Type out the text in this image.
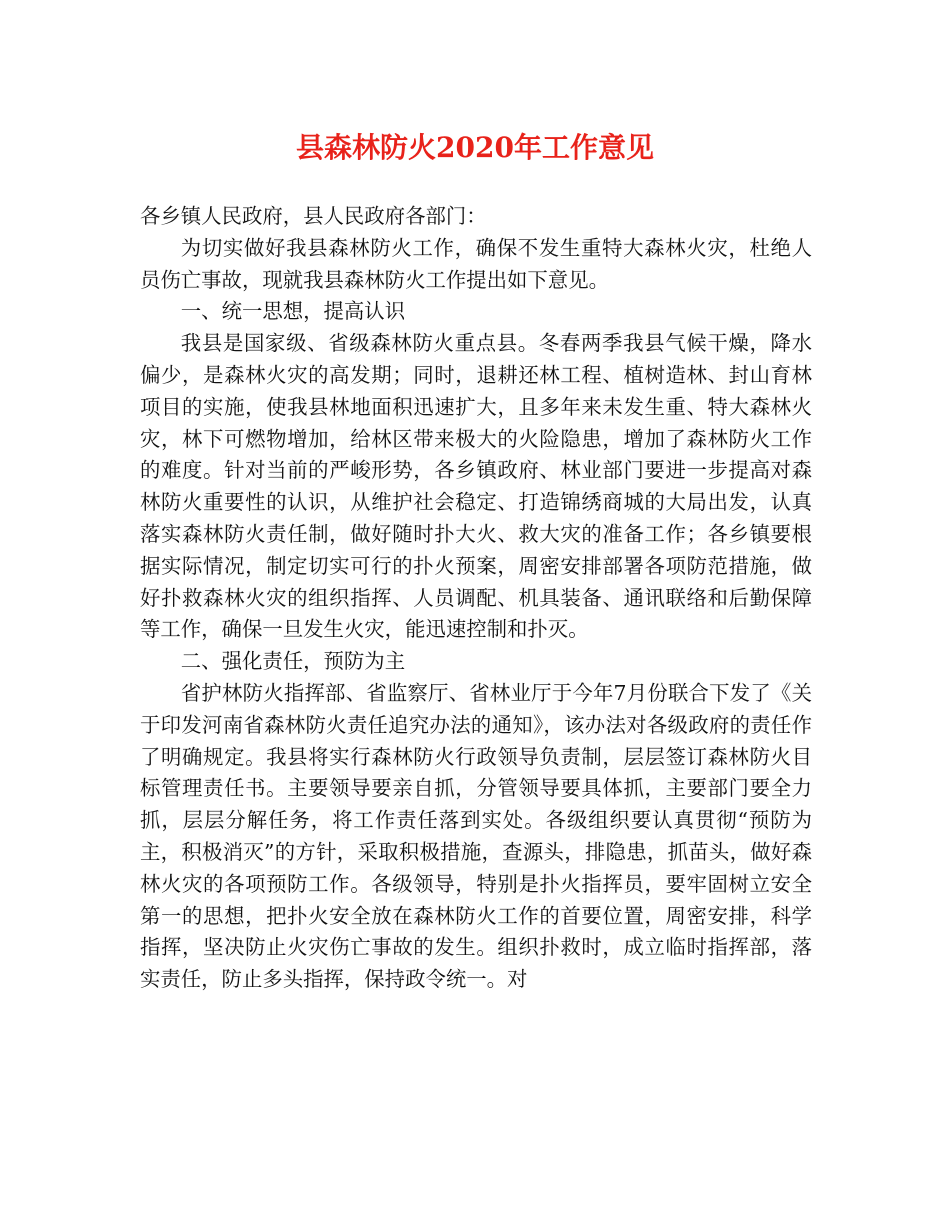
县森林防火2020年工作意见

各乡镇人民政府，县人民政府各部门：

为切实做好我县森林防火工作，确保不发生重特大森林火灾，杜绝人员伤亡事故，现就我县森林防火工作提出如下意见。

一、统一思想，提高认识

我县是国家级、省级森林防火重点县。冬春两季我县气候干燥，降水偏少，是森林火灾的高发期；同时，退耕还林工程、植树造林、封山育林项目的实施，使我县林地面积迅速扩大，且多年来未发生重、特大森林火灾，林下可燃物增加，给林区带来极大的火险隐患，增加了森林防火工作的难度。针对当前的严峻形势，各乡镇政府、林业部门要进一步提高对森林防火重要性的认识，从维护社会稳定、打造锦绣商城的大局出发，认真落实森林防火责任制，做好随时扑大火、救大灾的准备工作；各乡镇要根据实际情况，制定切实可行的扑火预案，周密安排部署各项防范措施，做好扑救森林火灾的组织指挥、人员调配、机具装备、通讯联络和后勤保障等工作，确保一旦发生火灾，能迅速控制和扑灭。

二、强化责任，预防为主

省护林防火指挥部、省监察厅、省林业厅于今年7月份联合下发了《关于印发河南省森林防火责任追究办法的通知》，该办法对各级政府的责任作了明确规定。我县将实行森林防火行政领导负责制，层层签订森林防火目标管理责任书。主要领导要亲自抓，分管领导要具体抓，主要部门要全力抓，层层分解任务，将工作责任落到实处。各级组织要认真贯彻“预防为主，积极消灭”的方针，采取积极措施，查源头，排隐患，抓苗头，做好森林火灾的各项预防工作。各级领导，特别是扑火指挥员，要牢固树立安全第一的思想，把扑火安全放在森林防火工作的首要位置，周密安排，科学指挥，坚决防止火灾伤亡事故的发生。组织扑救时，成立临时指挥部，落实责任，防止多头指挥，保持政令统一。对
